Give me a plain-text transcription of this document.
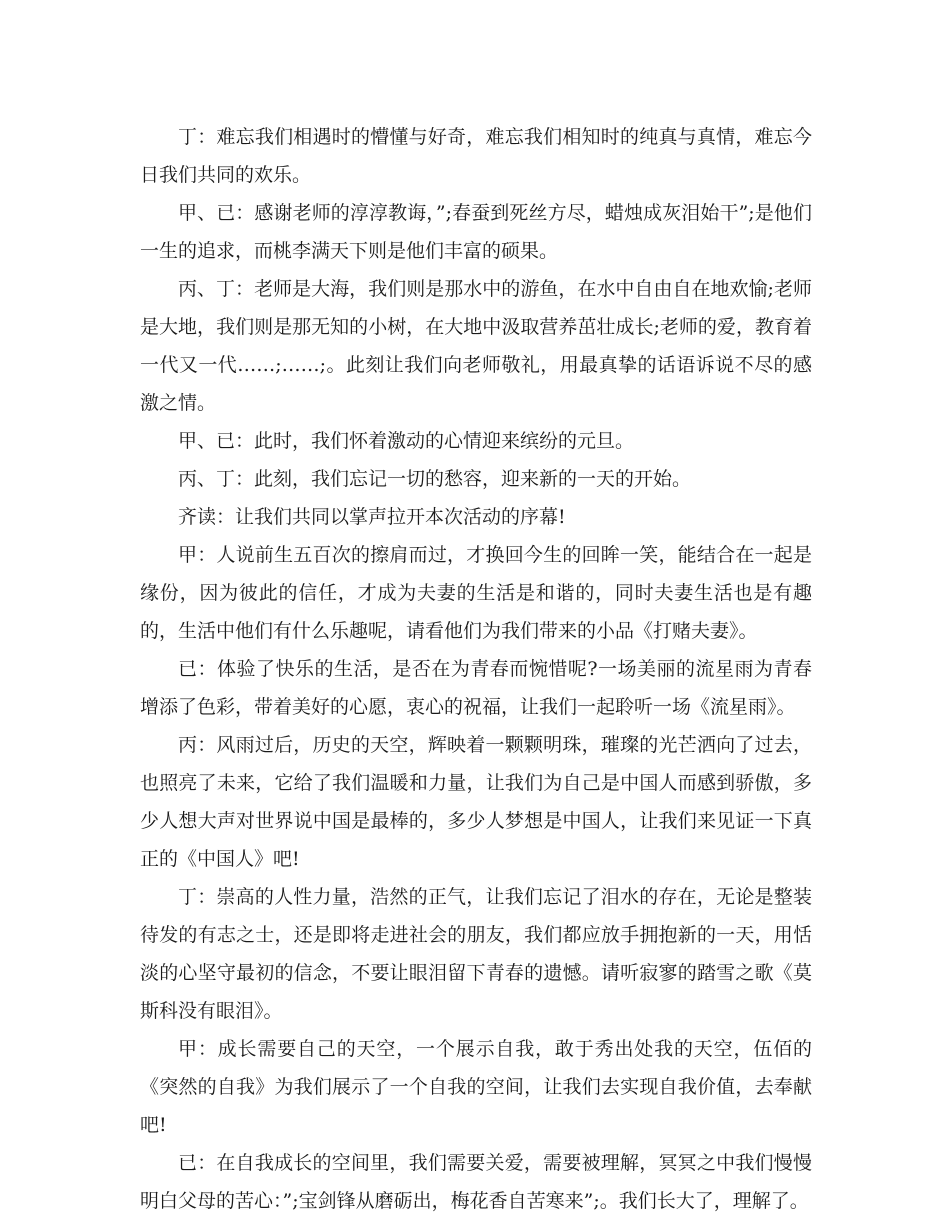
丁：难忘我们相遇时的懵懂与好奇，难忘我们相知时的纯真与真情，难忘今日我们共同的欢乐。

甲、已：感谢老师的淳淳教诲，”;春蚕到死丝方尽，蜡烛成灰泪始干”;是他们一生的追求，而桃李满天下则是他们丰富的硕果。

丙、丁：老师是大海，我们则是那水中的游鱼，在水中自由自在地欢愉;老师是大地，我们则是那无知的小树，在大地中汲取营养茁壮成长;老师的爱，教育着一代又一代……;……;。此刻让我们向老师敬礼，用最真挚的话语诉说不尽的感激之情。

甲、已：此时，我们怀着激动的心情迎来缤纷的元旦。

丙、丁：此刻，我们忘记一切的愁容，迎来新的一天的开始。

齐读：让我们共同以掌声拉开本次活动的序幕!

甲：人说前生五百次的擦肩而过，才换回今生的回眸一笑，能结合在一起是缘份，因为彼此的信任，才成为夫妻的生活是和谐的，同时夫妻生活也是有趣的，生活中他们有什么乐趣呢，请看他们为我们带来的小品《打赌夫妻》。

已：体验了快乐的生活，是否在为青春而惋惜呢?一场美丽的流星雨为青春增添了色彩，带着美好的心愿，衷心的祝福，让我们一起聆听一场《流星雨》。

丙：风雨过后，历史的天空，辉映着一颗颗明珠，璀璨的光芒洒向了过去，也照亮了未来，它给了我们温暖和力量，让我们为自己是中国人而感到骄傲，多少人想大声对世界说中国是最棒的，多少人梦想是中国人，让我们来见证一下真正的《中国人》吧!

丁：崇高的人性力量，浩然的正气，让我们忘记了泪水的存在，无论是整装待发的有志之士，还是即将走进社会的朋友，我们都应放手拥抱新的一天，用恬淡的心坚守最初的信念，不要让眼泪留下青春的遗憾。请听寂寥的踏雪之歌《莫斯科没有眼泪》。

甲：成长需要自己的天空，一个展示自我，敢于秀出处我的天空，伍佰的《突然的自我》为我们展示了一个自我的空间，让我们去实现自我价值，去奉献吧!

已：在自我成长的空间里，我们需要关爱，需要被理解，冥冥之中我们慢慢明白父母的苦心：”;宝剑锋从磨砺出，梅花香自苦寒来”;。我们长大了，理解了。
